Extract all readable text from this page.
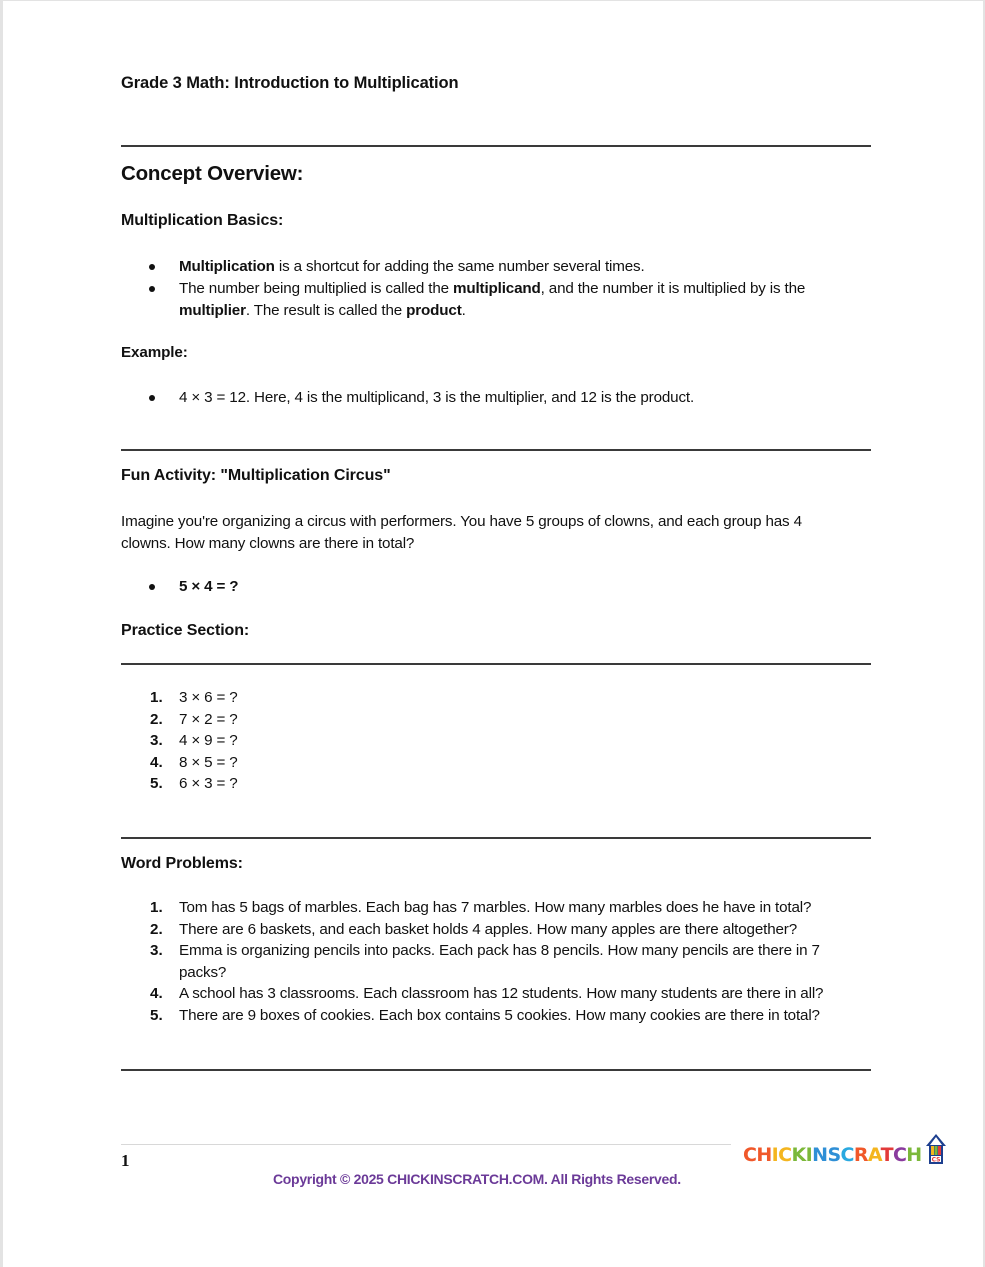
Grade 3 Math: Introduction to Multiplication
Concept Overview:
Multiplication Basics:
Multiplication is a shortcut for adding the same number several times.
The number being multiplied is called the multiplicand, and the number it is multiplied by is the
multiplier. The result is called the product.
Example:
4 × 3 = 12. Here, 4 is the multiplicand, 3 is the multiplier, and 12 is the product.
Fun Activity: "Multiplication Circus"
Imagine you're organizing a circus with performers. You have 5 groups of clowns, and each group has 4
clowns. How many clowns are there in total?
5 × 4 = ?
Practice Section:
1. 3 × 6 = ?
2. 7 × 2 = ?
3. 4 × 9 = ?
4. 8 × 5 = ?
5. 6 × 3 = ?
Word Problems:
1. Tom has 5 bags of marbles. Each bag has 7 marbles. How many marbles does he have in total?
2. There are 6 baskets, and each basket holds 4 apples. How many apples are there altogether?
3. Emma is organizing pencils into packs. Each pack has 8 pencils. How many pencils are there in 7
packs?
4. A school has 3 classrooms. Each classroom has 12 students. How many students are there in all?
5. There are 9 boxes of cookies. Each box contains 5 cookies. How many cookies are there in total?
1
Copyright © 2025 CHICKINSCRATCH.COM. All Rights Reserved.
CHICKINSCRATCH CS
